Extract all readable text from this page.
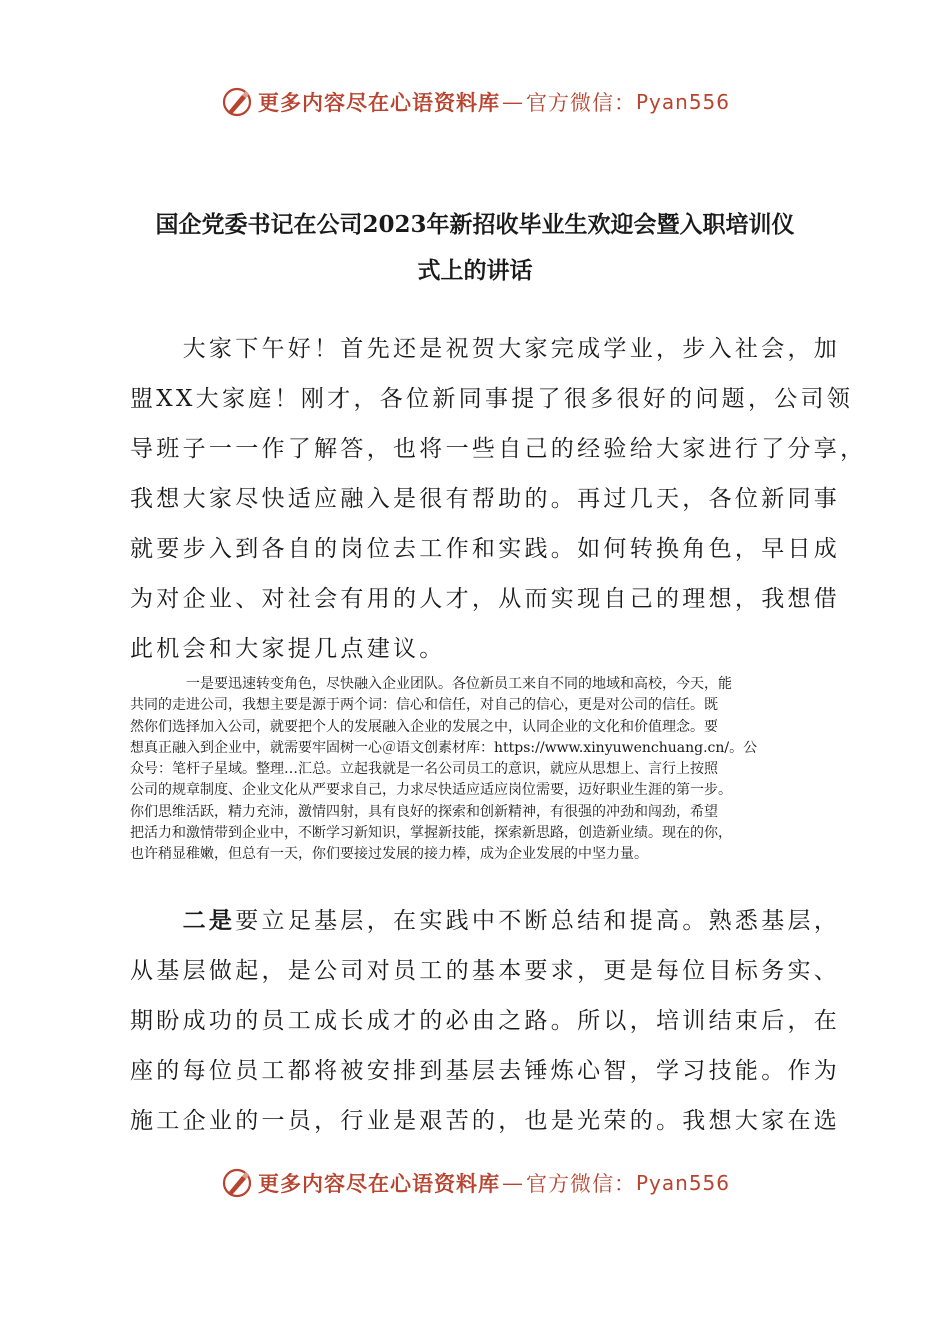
更多内容尽在心语资料库 — 官方微信： Pyan556
国企党委书记在公司2023年新招收毕业生欢迎会暨入职培训仪
式上的讲话
　　大家下午好！首先还是祝贺大家完成学业，步入社会，加
盟XX大家庭！刚才，各位新同事提了很多很好的问题，公司领
导班子一一作了解答，也将一些自己的经验给大家进行了分享，
我想大家尽快适应融入是很有帮助的。再过几天，各位新同事
就要步入到各自的岗位去工作和实践。如何转换角色，早日成
为对企业、对社会有用的人才，从而实现自己的理想，我想借
此机会和大家提几点建议。
　　　　一是要迅速转变角色，尽快融入企业团队。各位新员工来自不同的地域和高校，今天，能
共同的走进公司，我想主要是源于两个词：信心和信任，对自己的信心，更是对公司的信任。既
然你们选择加入公司，就要把个人的发展融入企业的发展之中，认同企业的文化和价值理念。要
想真正融入到企业中，就需要牢固树一心＠语文创素材库：https://www.xinyuwenchuang.cn/。公
众号：笔杆子星域。整理…汇总。立起我就是一名公司员工的意识，就应从思想上、言行上按照
公司的规章制度、企业文化从严要求自己，力求尽快适应适应岗位需要，迈好职业生涯的第一步。
你们思维活跃，精力充沛，激情四射，具有良好的探索和创新精神，有很强的冲劲和闯劲，希望
把活力和激情带到企业中，不断学习新知识，掌握新技能，探索新思路，创造新业绩。现在的你，
也许稍显稚嫩，但总有一天，你们要接过发展的接力棒，成为企业发展的中坚力量。
　　二是要立足基层，在实践中不断总结和提高。熟悉基层，
从基层做起，是公司对员工的基本要求，更是每位目标务实、
期盼成功的员工成长成才的必由之路。所以，培训结束后，在
座的每位员工都将被安排到基层去锤炼心智，学习技能。作为
施工企业的一员，行业是艰苦的，也是光荣的。我想大家在选
更多内容尽在心语资料库 — 官方微信： Pyan556
